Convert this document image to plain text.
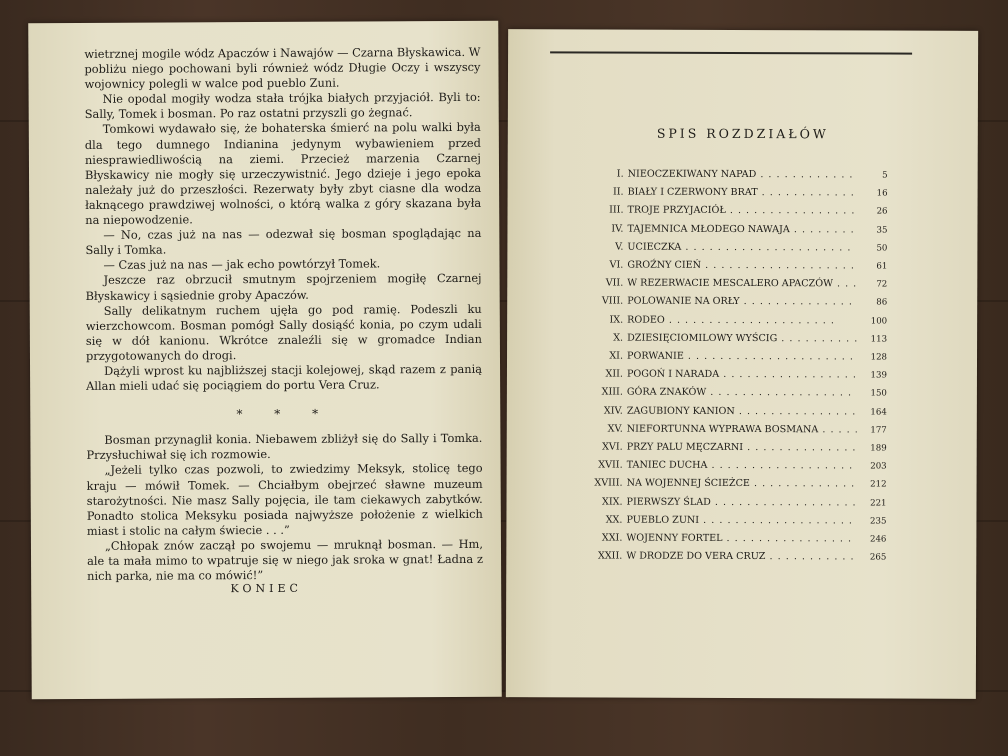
wietrznej mogile wódz Apaczów i Nawajów — Czarna Błyskawica. W pobliżu niego pochowani byli również wódz Długie Oczy i wszyscy wojownicy polegli w walce pod pueblo Zuni.

Nie opodal mogiły wodza stała trójka białych przyjaciół. Byli to: Sally, Tomek i bosman. Po raz ostatni przyszli go żegnać.

Tomkowi wydawało się, że bohaterska śmierć na polu walki była dla tego dumnego Indianina jedynym wybawieniem przed niesprawiedliwością na ziemi. Przecież marzenia Czarnej Błyskawicy nie mogły się urzeczywistnić. Jego dzieje i jego epoka należały już do przeszłości. Rezerwaty były zbyt ciasne dla wodza łaknącego prawdziwej wolności, o którą walka z góry skazana była na niepowodzenie.

— No, czas już na nas — odezwał się bosman spoglądając na Sally i Tomka.

— Czas już na nas — jak echo powtórzył Tomek.

Jeszcze raz obrzucił smutnym spojrzeniem mogiłę Czarnej Błyskawicy i sąsiednie groby Apaczów.

Sally delikatnym ruchem ujęła go pod ramię. Podeszli ku wierzchowcom. Bosman pomógł Sally dosiąść konia, po czym udali się w dół kanionu. Wkrótce znaleźli się w gromadce Indian przygotowanych do drogi.

Dążyli wprost ku najbliższej stacji kolejowej, skąd razem z panią Allan mieli udać się pociągiem do portu Vera Cruz.

* * *

Bosman przynaglił konia. Niebawem zbliżył się do Sally i Tomka. Przysłuchiwał się ich rozmowie.

„Jeżeli tylko czas pozwoli, to zwiedzimy Meksyk, stolicę tego kraju — mówił Tomek. — Chciałbym obejrzeć sławne muzeum starożytności. Nie masz Sally pojęcia, ile tam ciekawych zabytków. Ponadto stolica Meksyku posiada najwyższe położenie z wielkich miast i stolic na całym świecie . . .”

„Chłopak znów zaczął po swojemu — mruknął bosman. — Hm, ale ta mała mimo to wpatruje się w niego jak sroka w gnat! Ładna z nich parka, nie ma co mówić!”

KONIEC
SPIS ROZDZIAŁÓW
I. NIEOCZEKIWANY NAPAD . .	5
II. BIAŁY I CZERWONY BRAT . .	16
III. TROJE PRZYJACIÓŁ . .	26
IV. TAJEMNICA MŁODEGO NAWAJA . .	35
V. UCIECZKA . .	50
VI. GROŹNY CIEŃ . .	61
VII. W REZERWACIE MESCALERO APACZÓW . .	72
VIII. POLOWANIE NA ORŁY . .	86
IX. RODEO . .	100
X. DZIESIĘCIOMILOWY WYŚCIG . .	113
XI. PORWANIE . .	128
XII. POGOŃ I NARADA . .	139
XIII. GÓRA ZNAKÓW . .	150
XIV. ZAGUBIONY KANION . .	164
XV. NIEFORTUNNA WYPRAWA BOSMANA . .	177
XVI. PRZY PALU MĘCZARNI . .	189
XVII. TANIEC DUCHA . .	203
XVIII. NA WOJENNEJ ŚCIEŻCE . .	212
XIX. PIERWSZY ŚLAD . .	221
XX. PUEBLO ZUNI . .	235
XXI. WOJENNY FORTEL . .	246
XXII. W DRODZE DO VERA CRUZ . .	265
